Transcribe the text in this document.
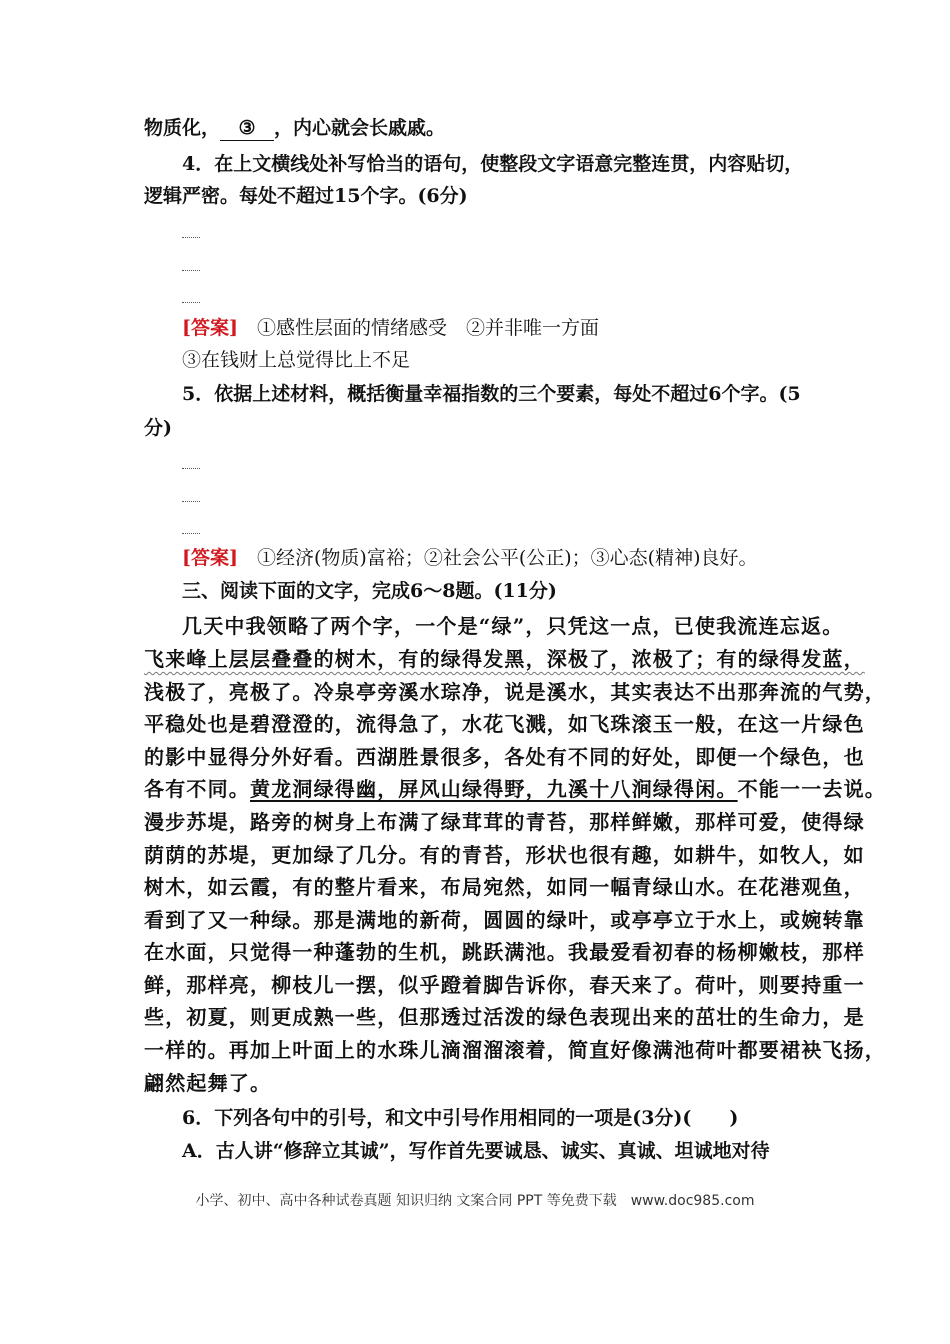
物质化， ③ ，内心就会长戚戚。
4．在上文横线处补写恰当的语句，使整段文字语意完整连贯，内容贴切，
逻辑严密。每处不超过15个字。(6分)
[答案]　 ①感性层面的情绪感受　②并非唯一方面
③在钱财上总觉得比上不足
5．依据上述材料，概括衡量幸福指数的三个要素，每处不超过6个字。(5
分)
[答案]　 ①经济(物质)富裕；②社会公平(公正)；③心态(精神)良好。
三、阅读下面的文字，完成6～8题。(11分)
几天中我领略了两个字，一个是“绿”，只凭这一点，已使我流连忘返。
飞来峰上层层叠叠的树木，有的绿得发黑，深极了，浓极了；有的绿得发蓝，
浅极了，亮极了。冷泉亭旁溪水琮净，说是溪水，其实表达不出那奔流的气势，
平稳处也是碧澄澄的，流得急了，水花飞溅，如飞珠滚玉一般，在这一片绿色
的影中显得分外好看。西湖胜景很多，各处有不同的好处，即便一个绿色，也
各有不同。黄龙洞绿得幽，屏风山绿得野，九溪十八涧绿得闲。不能一一去说。
漫步苏堤，路旁的树身上布满了绿茸茸的青苔，那样鲜嫩，那样可爱，使得绿
荫荫的苏堤，更加绿了几分。有的青苔，形状也很有趣，如耕牛，如牧人，如
树木，如云霞，有的整片看来，布局宛然，如同一幅青绿山水。在花港观鱼，
看到了又一种绿。那是满地的新荷，圆圆的绿叶，或亭亭立于水上，或婉转靠
在水面，只觉得一种蓬勃的生机，跳跃满池。我最爱看初春的杨柳嫩枝，那样
鲜，那样亮，柳枝儿一摆，似乎蹬着脚告诉你，春天来了。荷叶，则要持重一
些，初夏，则更成熟一些，但那透过活泼的绿色表现出来的茁壮的生命力，是
一样的。再加上叶面上的水珠儿滴溜溜滚着，简直好像满池荷叶都要裙袂飞扬，
翩然起舞了。
6．下列各句中的引号，和文中引号作用相同的一项是(3分)(　　)
A．古人讲“修辞立其诚”，写作首先要诚恳、诚实、真诚、坦诚地对待
小学、初中、高中各种试卷真题 知识归纳 文案合同 PPT 等免费下载　www.doc985.com
